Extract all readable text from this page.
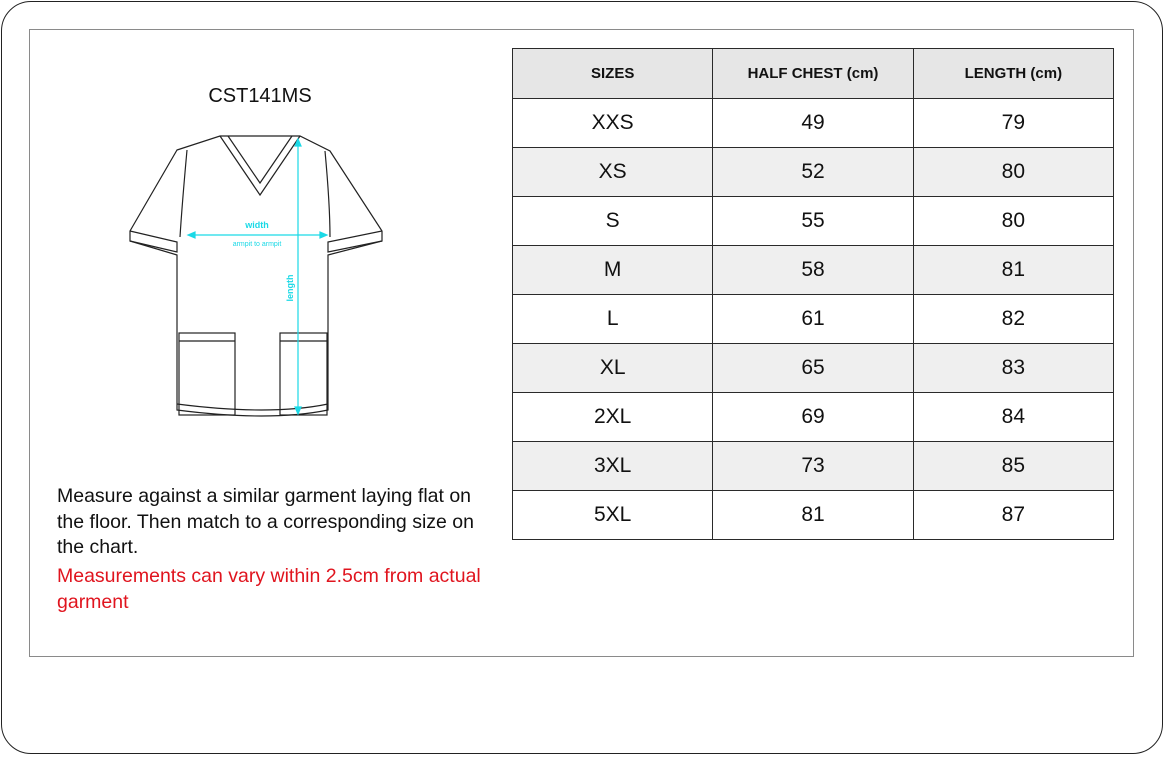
CST141MS
width
armpit to armpit
length
Measure against a similar garment laying flat on the floor. Then match to a corresponding size on the chart.
Measurements can vary within 2.5cm from actual garment
SIZES	HALF CHEST (cm)	LENGTH (cm)
XXS	49	79
XS	52	80
S	55	80
M	58	81
L	61	82
XL	65	83
2XL	69	84
3XL	73	85
5XL	81	87
